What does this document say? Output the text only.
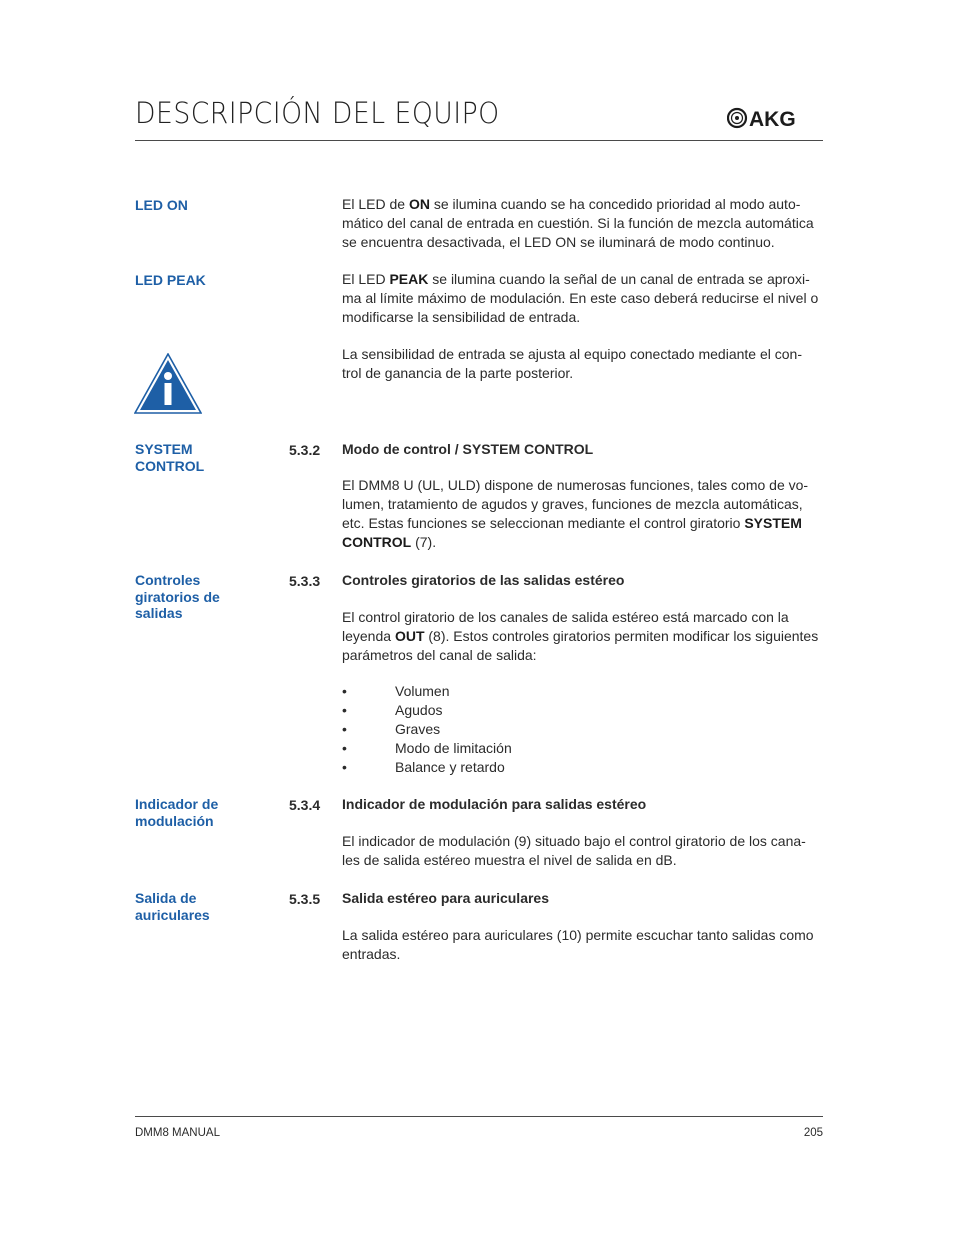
DESCRIPCIÓN DEL EQUIPO	AKG
LED ON	El LED de ON se ilumina cuando se ha concedido prioridad al modo auto-
mático del canal de entrada en cuestión. Si la función de mezcla automática
se encuentra desactivada, el LED ON se iluminará de modo continuo.
LED PEAK	El LED PEAK se ilumina cuando la señal de un canal de entrada se aproxi-
ma al límite máximo de modulación. En este caso deberá reducirse el nivel o
modificarse la sensibilidad de entrada.
La sensibilidad de entrada se ajusta al equipo conectado mediante el con-
trol de ganancia de la parte posterior.
SYSTEM
CONTROL
5.3.2 Modo de control / SYSTEM CONTROL
El DMM8 U (UL, ULD) dispone de numerosas funciones, tales como de vo-
lumen, tratamiento de agudos y graves, funciones de mezcla automáticas,
etc. Estas funciones se seleccionan mediante el control giratorio SYSTEM
CONTROL (7).
Controles
giratorios de
salidas
5.3.3 Controles giratorios de las salidas estéreo
El control giratorio de los canales de salida estéreo está marcado con la
leyenda OUT (8). Estos controles giratorios permiten modificar los siguientes
parámetros del canal de salida:
•	Volumen
•	Agudos
•	Graves
•	Modo de limitación
•	Balance y retardo
Indicador de
modulación
5.3.4 Indicador de modulación para salidas estéreo
El indicador de modulación (9) situado bajo el control giratorio de los cana-
les de salida estéreo muestra el nivel de salida en dB.
Salida de
auriculares
5.3.5 Salida estéreo para auriculares
La salida estéreo para auriculares (10) permite escuchar tanto salidas como
entradas.
DMM8 MANUAL	205
